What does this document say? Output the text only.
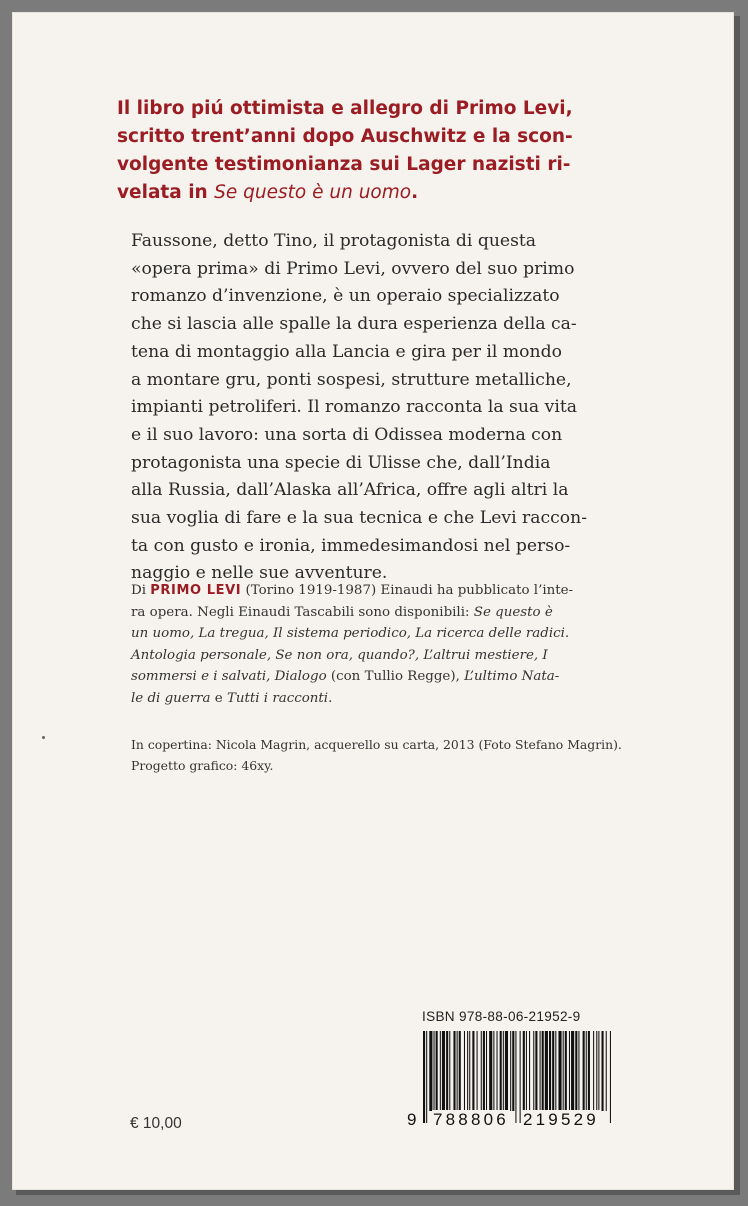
Il libro piú ottimista e allegro di Primo Levi,

scritto trent’anni dopo Auschwitz e la scon-

volgente testimonianza sui Lager nazisti ri-

velata in Se questo è un uomo.

Faussone, detto Tino, il protagonista di questa

«opera prima» di Primo Levi, ovvero del suo primo

romanzo d’invenzione, è un operaio specializzato

che si lascia alle spalle la dura esperienza della ca-

tena di montaggio alla Lancia e gira per il mondo

a montare gru, ponti sospesi, strutture metalliche,

impianti petroliferi. Il romanzo racconta la sua vita

e il suo lavoro: una sorta di Odissea moderna con

protagonista una specie di Ulisse che, dall’India

alla Russia, dall’Alaska all’Africa, offre agli altri la

sua voglia di fare e la sua tecnica e che Levi raccon-

ta con gusto e ironia, immedesimandosi nel perso-

naggio e nelle sue avventure.

Di PRIMO LEVI (Torino 1919-1987) Einaudi ha pubblicato l’inte-

ra opera. Negli Einaudi Tascabili sono disponibili: Se questo è

un uomo, La tregua, Il sistema periodico, La ricerca delle radici.

Antologia personale, Se non ora, quando?, L’altrui mestiere, I

sommersi e i salvati, Dialogo (con Tullio Regge), L’ultimo Nata-

le di guerra e Tutti i racconti.

In copertina: Nicola Magrin, acquerello su carta, 2013 (Foto Stefano Magrin).

Progetto grafico: 46xy.

ISBN 978-88-06-21952-9
9 788806 219529
€ 10,00
